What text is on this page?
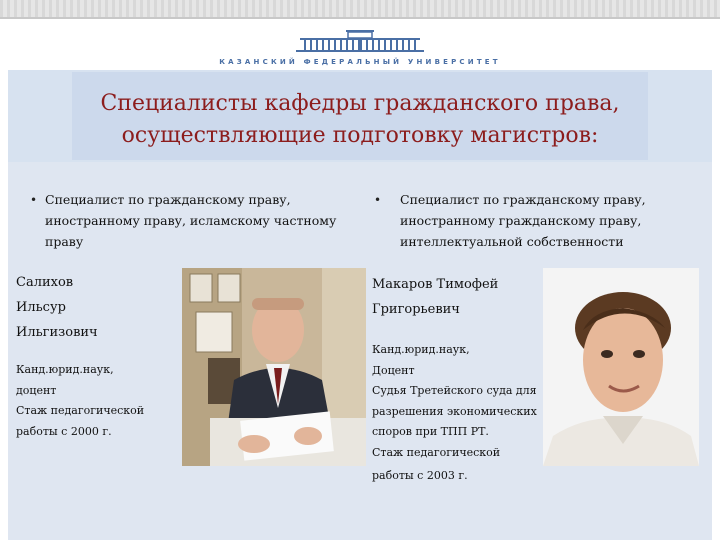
КАЗАНСКИЙ ФЕДЕРАЛЬНЫЙ УНИВЕРСИТЕТ
Специалисты кафедры гражданского права,
осуществляющие подготовку магистров:
• Специалист по гражданскому праву,
иностранному праву, исламскому частному
праву
Салихов
Ильсур
Ильгизович
Канд.юрид.наук,
доцент
Стаж педагогической
работы с 2000 г.
• Специалист по гражданскому праву,
иностранному гражданскому праву,
интеллектуальной собственности
Макаров Тимофей
Григорьевич
Канд.юрид.наук,
Доцент
Судья Третейского суда для
разрешения экономических
споров при ТПП РТ.
Стаж педагогической
работы с 2003 г.
